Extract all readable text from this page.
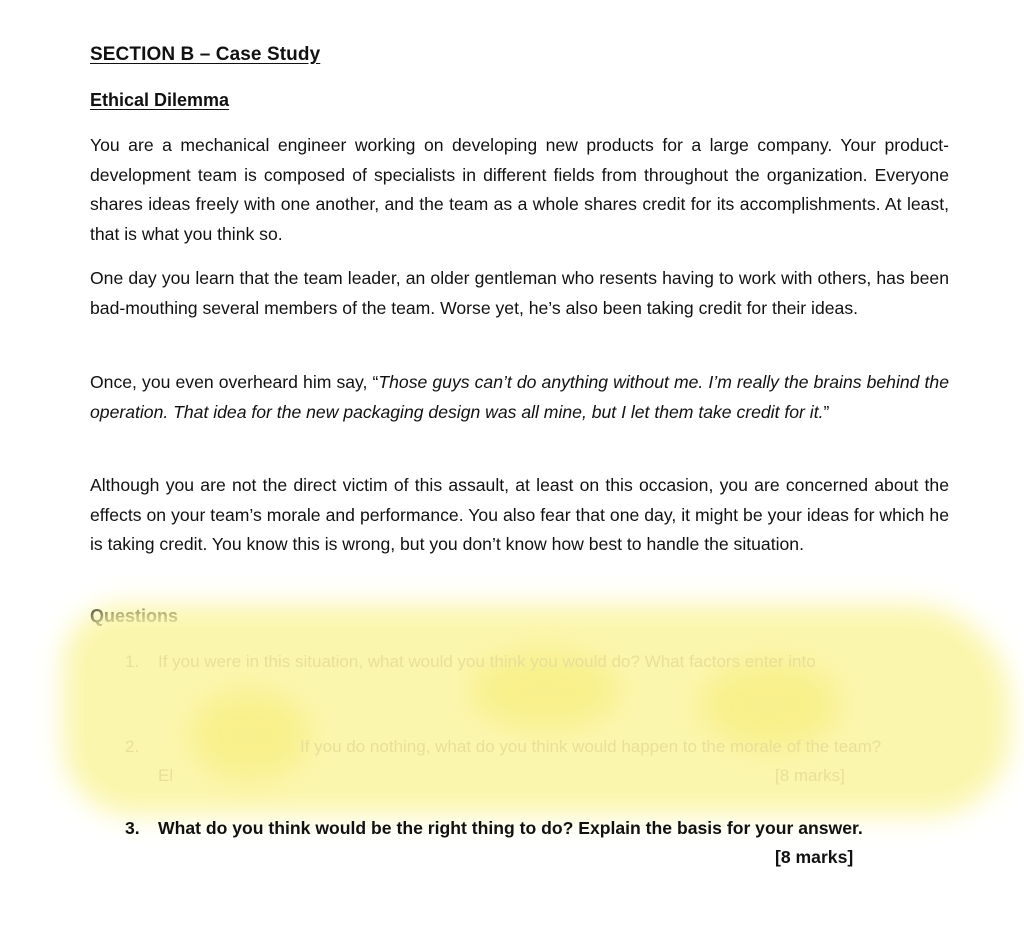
SECTION B – Case Study
Ethical Dilemma

You are a mechanical engineer working on developing new products for a large company. Your product-development team is composed of specialists in different fields from throughout the organization. Everyone shares ideas freely with one another, and the team as a whole shares credit for its accomplishments. At least, that is what you think so.

One day you learn that the team leader, an older gentleman who resents having to work with others, has been bad-mouthing several members of the team. Worse yet, he’s also been taking credit for their ideas.

Once, you even overheard him say, “Those guys can’t do anything without me. I’m really the brains behind the operation. That idea for the new packaging design was all mine, but I let them take credit for it.”

Although you are not the direct victim of this assault, at least on this occasion, you are concerned about the effects on your team’s morale and performance. You also fear that one day, it might be your ideas for which he is taking credit. You know this is wrong, but you don’t know how best to handle the situation.

Questions
1. If you were in this situation, what would you think you would do? What factors enter into
2.	If you do nothing, what do you think would happen to the morale of the team?
El	[8 marks]
3. What do you think would be the right thing to do? Explain the basis for your answer.
[8 marks]
